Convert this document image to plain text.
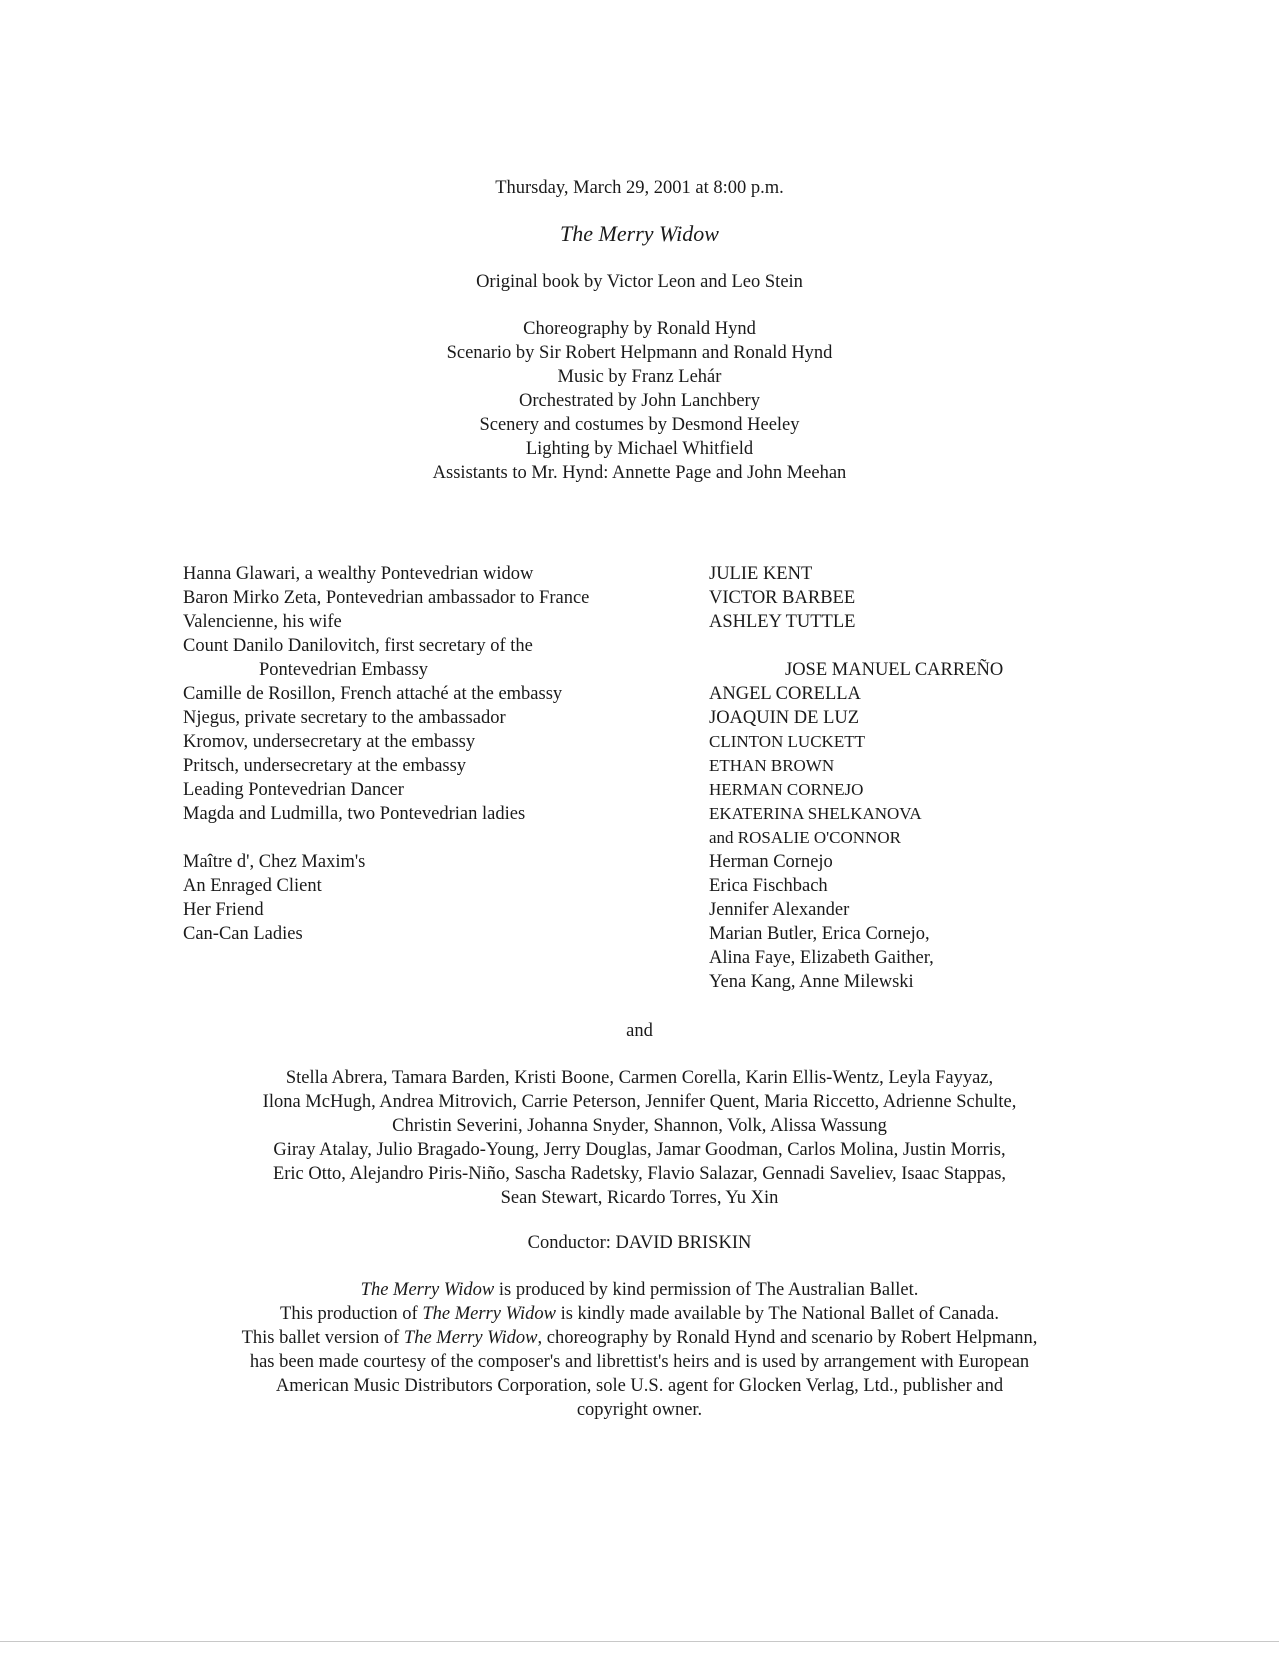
Thursday, March 29, 2001 at 8:00 p.m.
The Merry Widow
Original book by Victor Leon and Leo Stein
Choreography by Ronald Hynd
Scenario by Sir Robert Helpmann and Ronald Hynd
Music by Franz Lehár
Orchestrated by John Lanchbery
Scenery and costumes by Desmond Heeley
Lighting by Michael Whitfield
Assistants to Mr. Hynd: Annette Page and John Meehan
Hanna Glawari, a wealthy Pontevedrian widow	JULIE KENT
Baron Mirko Zeta, Pontevedrian ambassador to France	VICTOR BARBEE
Valencienne, his wife	ASHLEY TUTTLE
Count Danilo Danilovitch, first secretary of the
Pontevedrian Embassy	JOSE MANUEL CARREÑO
Camille de Rosillon, French attaché at the embassy	ANGEL CORELLA
Njegus, private secretary to the ambassador	JOAQUIN DE LUZ
Kromov, undersecretary at the embassy	CLINTON LUCKETT
Pritsch, undersecretary at the embassy	ETHAN BROWN
Leading Pontevedrian Dancer	HERMAN CORNEJO
Magda and Ludmilla, two Pontevedrian ladies	EKATERINA SHELKANOVA
and ROSALIE O'CONNOR
Maître d', Chez Maxim's	Herman Cornejo
An Enraged Client	Erica Fischbach
Her Friend	Jennifer Alexander
Can-Can Ladies	Marian Butler, Erica Cornejo,
Alina Faye, Elizabeth Gaither,
Yena Kang, Anne Milewski
and
Stella Abrera, Tamara Barden, Kristi Boone, Carmen Corella, Karin Ellis-Wentz, Leyla Fayyaz,
Ilona McHugh, Andrea Mitrovich, Carrie Peterson, Jennifer Quent, Maria Riccetto, Adrienne Schulte,
Christin Severini, Johanna Snyder, Shannon, Volk, Alissa Wassung
Giray Atalay, Julio Bragado-Young, Jerry Douglas, Jamar Goodman, Carlos Molina, Justin Morris,
Eric Otto, Alejandro Piris-Niño, Sascha Radetsky, Flavio Salazar, Gennadi Saveliev, Isaac Stappas,
Sean Stewart, Ricardo Torres, Yu Xin
Conductor: DAVID BRISKIN
The Merry Widow is produced by kind permission of The Australian Ballet.
This production of The Merry Widow is kindly made available by The National Ballet of Canada.
This ballet version of The Merry Widow, choreography by Ronald Hynd and scenario by Robert Helpmann,
has been made courtesy of the composer's and librettist's heirs and is used by arrangement with European
American Music Distributors Corporation, sole U.S. agent for Glocken Verlag, Ltd., publisher and
copyright owner.
